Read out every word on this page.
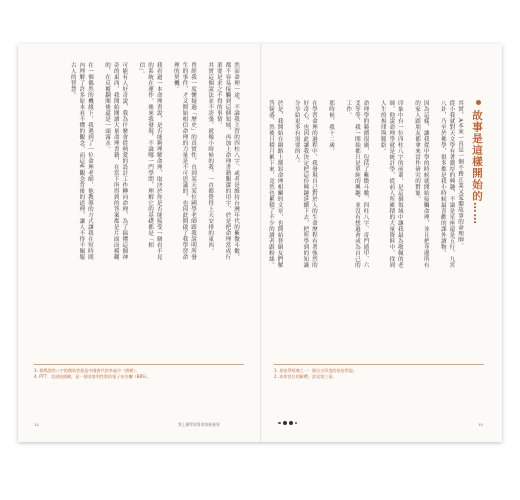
然而命理一途，不論我主習的四柱八字，或者是維持台灣年代的紫微斗數，都不容易接觸到這個領域，再加上命理書籍艱澀的用字，於是把命理當成行業要是求之不得的事情。

其實這個說法並不誇張，就像小時候的我，一直都覺得上天安排的東西。

曾經我一度懷疑過「歷史」的真實性，直到某天某位國學老師跟我說明所發生的事件，才又開始相信命理的力量是不可思議的，也因此開啟了我學習命理的契機。

我看過一本命理書說，是否能夠理解命理，取決於你是否能接受一個看不見的系統在運作。後來我發現，不論哪一門學問，理解它的基礎都是「相信」。

可能有人好奇說，我為什麼會從熱愛的設計工作轉向命理，為了搞懂這個神奇的東西，我開始閱讀大量命理書籍，在當下所得到的答案都是片面而模糊的，在反覆翻閱後還是一頭霧水。

在一個偶然的機緣下，我遇到了一位命理老師，他教導的方式讓我在短時間內理解了許多原本看不懂的觀念，而這些觀念背後的道理，讓人不得不佩服古人的智慧。

3. 相傳說明八字的創始者就是中國唐代的李虛中（唐朝）。
4. PTT：北部校園網，是一個非營利性質的電子布告欄（BBS）。
14	我上網學習算命的新視界
故事是這樣開始的……

其實，A本來一直是一個不務正業又愛聽故事的命理師。

從小我就對天文學有著濃厚的興趣，不論是星座還是五行、九宮八卦，乃至於佛學，很多都是我小時候最喜歡的課外讀物。

因為這樣，讓我從中學的時候就開始接觸命理，並且把身邊所有的家人跟朋友都拿來當作研究的對象。

印象中有一位四柱八字的前輩，是這個領域中讓我最為敬佩的老師，他說命理學就是統計學，從前人所累積的大量資料中，找到人生的規律與脈絡。

命理學的範圍很廣，包括了紫微斗數、四柱八字、奇門遁甲、六爻等等，我一開始都只是單純的興趣，並沒有想過會成為自己的工作。

那時候，我十二歲。

在學習命理的過程中，我發現自己對於人的生命歷程有著強烈的好奇心，也因此讓我決定把這份興趣延續下去，把所學到的知識分享給更多有需要的人。

於是，我開始在網路上撰寫命理相關的文章，也開始替網友們解答疑惑，然後日積月累下來，竟然也累積了不少的讀者跟粉絲。

1. 星宿學經典之一：源自古印度的星宿學說。
2. 本命宮位的解釋，詳見第三章。
15
